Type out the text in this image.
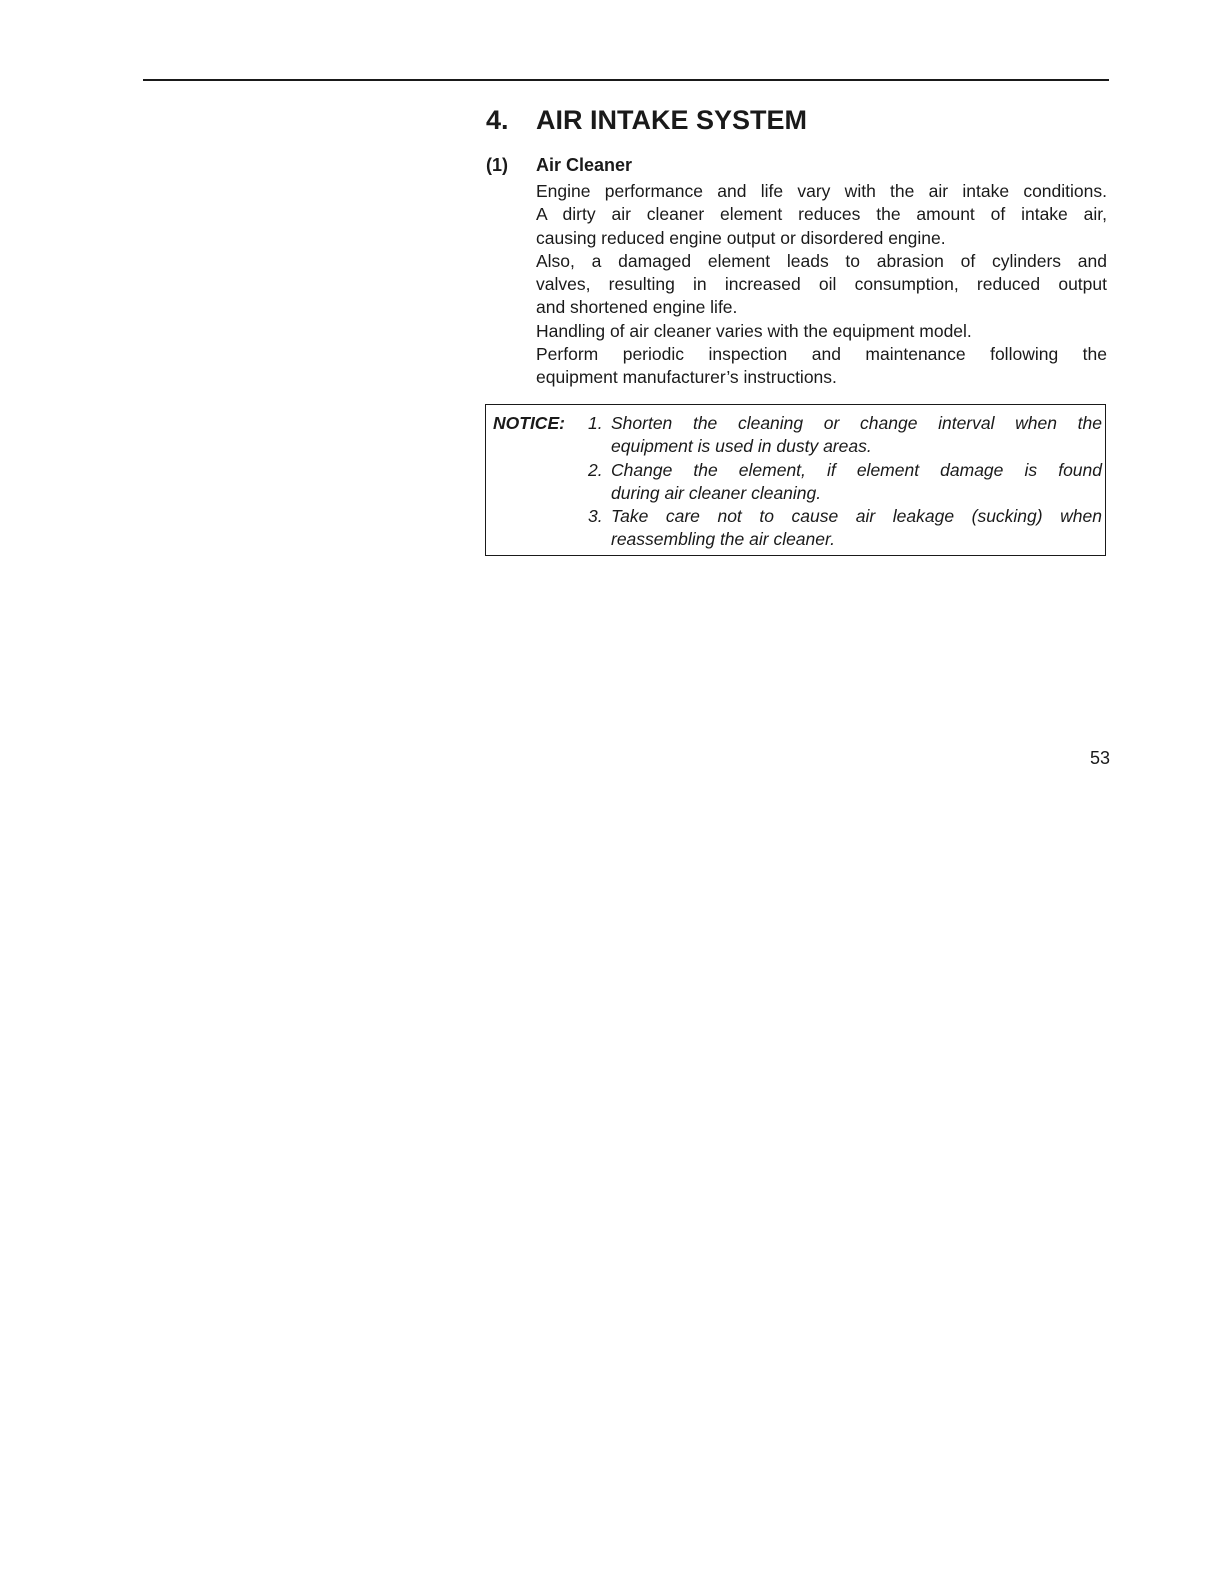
4. AIR INTAKE SYSTEM
(1) Air Cleaner
Engine performance and life vary with the air intake conditions.
A dirty air cleaner element reduces the amount of intake air,
causing reduced engine output or disordered engine.
Also, a damaged element leads to abrasion of cylinders and
valves, resulting in increased oil consumption, reduced output
and shortened engine life.
Handling of air cleaner varies with the equipment model.
Perform periodic inspection and maintenance following the
equipment manufacturer’s instructions.
NOTICE: 1. Shorten the cleaning or change interval when the
equipment is used in dusty areas.
2. Change the element, if element damage is found
during air cleaner cleaning.
3. Take care not to cause air leakage (sucking) when
reassembling the air cleaner.
53
